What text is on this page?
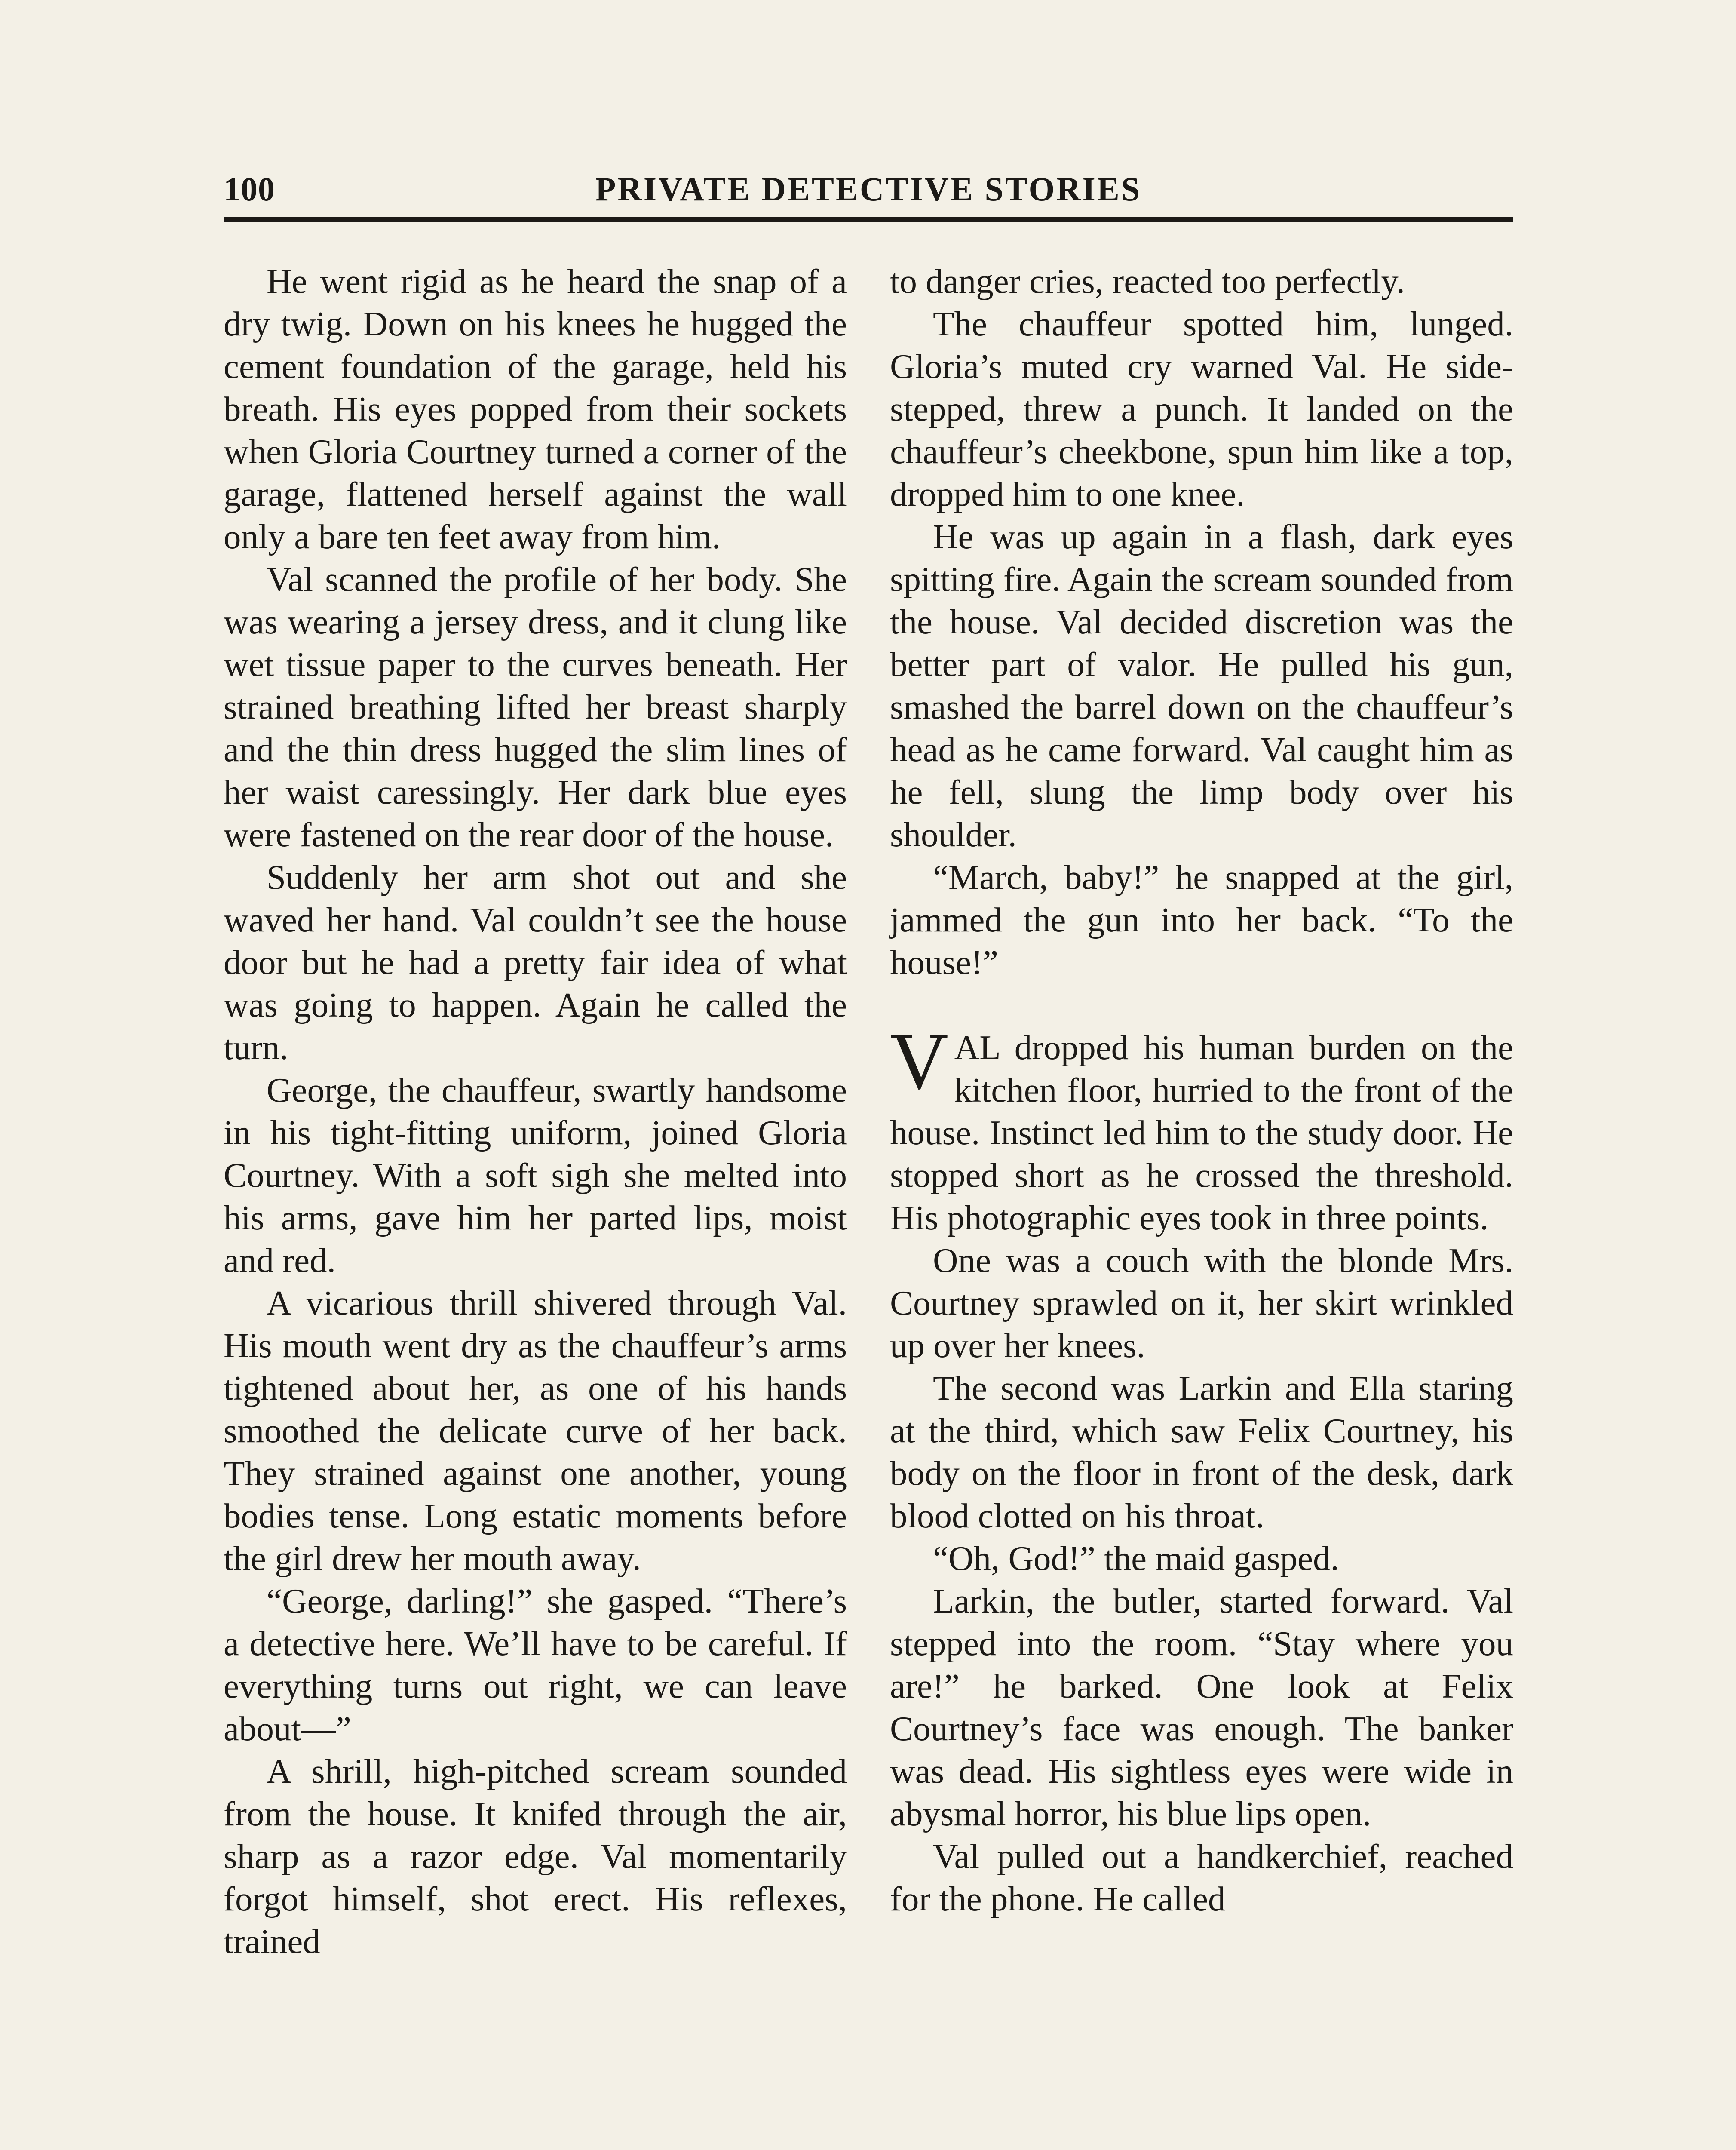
100	PRIVATE DETECTIVE STORIES

He went rigid as he heard the snap of a dry twig. Down on his knees he hugged the cement foundation of the garage, held his breath. His eyes popped from their sockets when Gloria Courtney turned a corner of the garage, flattened herself against the wall only a bare ten feet away from him.

Val scanned the profile of her body. She was wearing a jersey dress, and it clung like wet tissue paper to the curves beneath. Her strained breathing lifted her breast sharply and the thin dress hugged the slim lines of her waist caressingly. Her dark blue eyes were fastened on the rear door of the house.

Suddenly her arm shot out and she waved her hand. Val couldn’t see the house door but he had a pretty fair idea of what was going to happen. Again he called the turn.

George, the chauffeur, swartly handsome in his tight-fitting uniform, joined Gloria Courtney. With a soft sigh she melted into his arms, gave him her parted lips, moist and red.

A vicarious thrill shivered through Val. His mouth went dry as the chauffeur’s arms tightened about her, as one of his hands smoothed the delicate curve of her back. They strained against one another, young bodies tense. Long estatic moments before the girl drew her mouth away.

“George, darling!” she gasped. “There’s a detective here. We’ll have to be careful. If everything turns out right, we can leave about—”

A shrill, high-pitched scream sounded from the house. It knifed through the air, sharp as a razor edge. Val momentarily forgot himself, shot erect. His reflexes, trained

to danger cries, reacted too perfectly.

The chauffeur spotted him, lunged. Gloria’s muted cry warned Val. He side-stepped, threw a punch. It landed on the chauffeur’s cheekbone, spun him like a top, dropped him to one knee.

He was up again in a flash, dark eyes spitting fire. Again the scream sounded from the house. Val decided discretion was the better part of valor. He pulled his gun, smashed the barrel down on the chauffeur’s head as he came forward. Val caught him as he fell, slung the limp body over his shoulder.

“March, baby!” he snapped at the girl, jammed the gun into her back. “To the house!”

VAL dropped his human burden on the kitchen floor, hurried to the front of the house. Instinct led him to the study door. He stopped short as he crossed the threshold. His photographic eyes took in three points.

One was a couch with the blonde Mrs. Courtney sprawled on it, her skirt wrinkled up over her knees.

The second was Larkin and Ella staring at the third, which saw Felix Courtney, his body on the floor in front of the desk, dark blood clotted on his throat.

“Oh, God!” the maid gasped.

Larkin, the butler, started forward. Val stepped into the room. “Stay where you are!” he barked. One look at Felix Courtney’s face was enough. The banker was dead. His sightless eyes were wide in abysmal horror, his blue lips open.

Val pulled out a handkerchief, reached for the phone. He called
